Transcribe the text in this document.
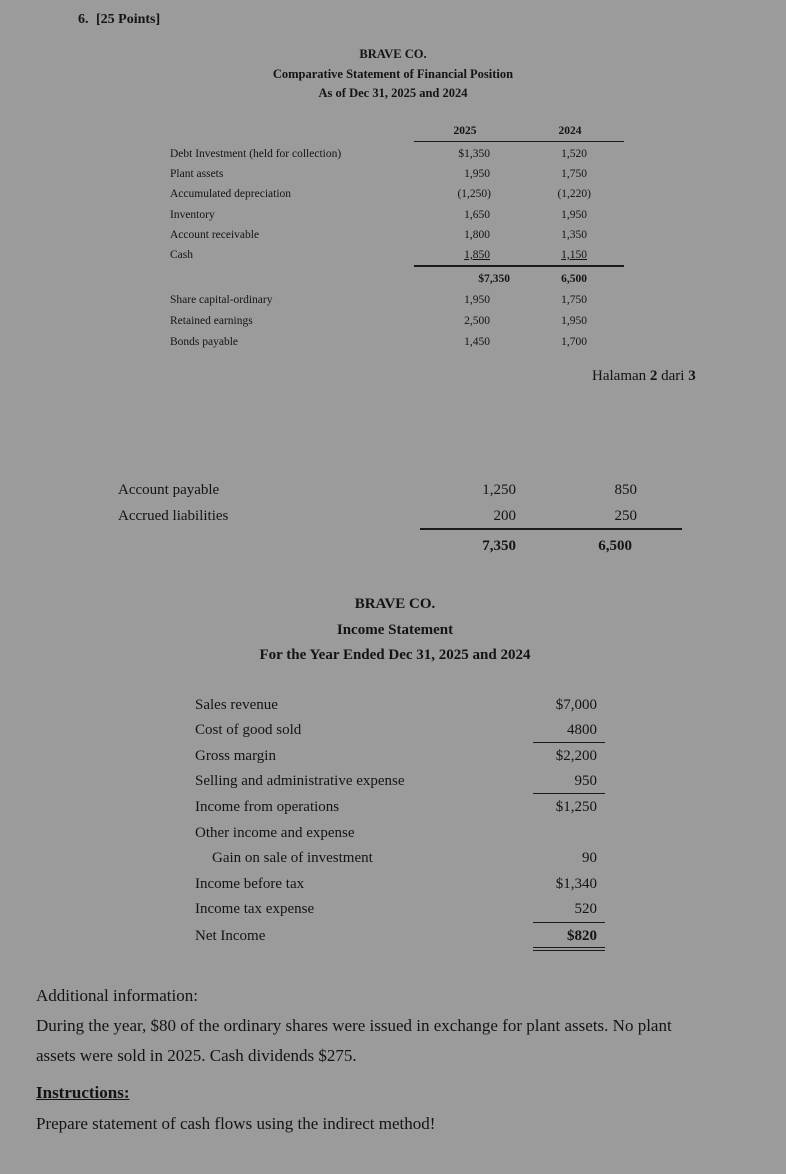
6. [25 Points]
BRAVE CO.
Comparative Statement of Financial Position
As of Dec 31, 2025 and 2024
2025	2024
Debt Investment (held for collection)	$1,350	1,520
Plant assets	1,950	1,750
Accumulated depreciation	(1,250)	(1,220)
Inventory	1,650	1,950
Account receivable	1,800	1,350
Cash	1,850	1,150
$7,350	6,500
Share capital-ordinary	1,950	1,750
Retained earnings	2,500	1,950
Bonds payable	1,450	1,700
Halaman 2 dari 3
Account payable	1,250	850
Accrued liabilities	200	250
7,350	6,500
BRAVE CO.
Income Statement
For the Year Ended Dec 31, 2025 and 2024
Sales revenue	$7,000
Cost of good sold	4800
Gross margin	$2,200
Selling and administrative expense	950
Income from operations	$1,250
Other income and expense
Gain on sale of investment	90
Income before tax	$1,340
Income tax expense	520
Net Income	$820
Additional information:
During the year, $80 of the ordinary shares were issued in exchange for plant assets. No plant
assets were sold in 2025. Cash dividends $275.
Instructions:
Prepare statement of cash flows using the indirect method!
